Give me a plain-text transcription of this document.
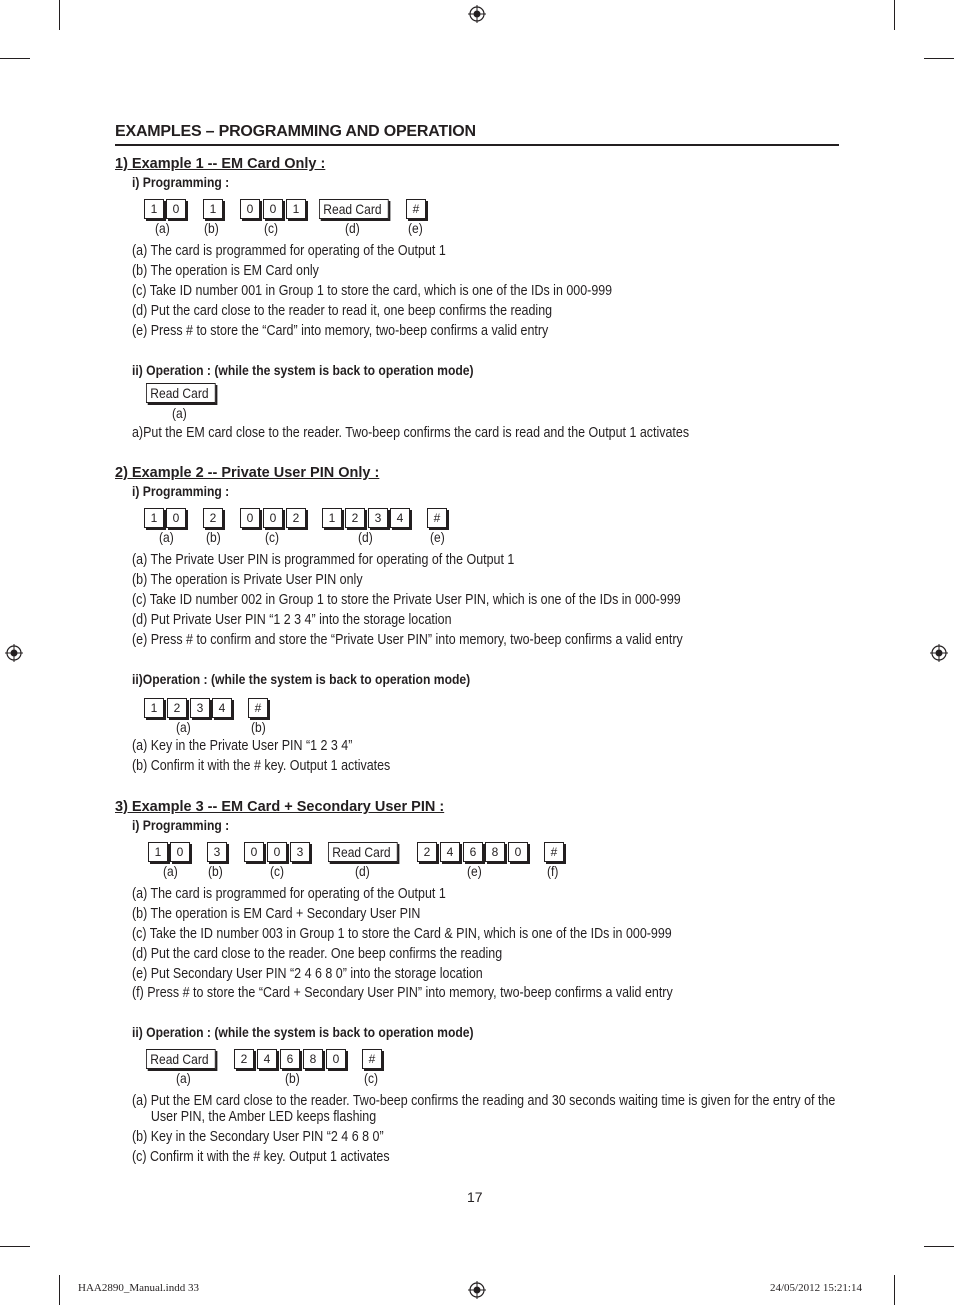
EXAMPLES – PROGRAMMING AND OPERATION
1) Example 1 -- EM Card Only :
i) Programming :
1	0	1	0	0	1	Read Card	#
(a) (b)	(c)	(d)	(e)
(a) The card is programmed for operating of the Output 1
(b) The operation is EM Card only
(c) Take ID number 001 in Group 1 to store the card, which is one of the IDs in 000-999
(d) Put the card close to the reader to read it, one beep confirms the reading
(e) Press # to store the “Card” into memory, two-beep confirms a valid entry
ii) Operation : (while the system is back to operation mode)
Read Card
(a)
a)Put the EM card close to the reader. Two-beep confirms the card is read and the Output 1 activates
2) Example 2 -- Private User PIN Only :
i) Programming :
1	0	2	0	0	2	1	2	3	4	#
(a) (b)	(c)	(d)	(e)
(a) The Private User PIN is programmed for operating of the Output 1
(b) The operation is Private User PIN only
(c) Take ID number 002 in Group 1 to store the Private User PIN, which is one of the IDs in 000-999
(d) Put Private User PIN “1 2 3 4” into the storage location
(e) Press # to confirm and store the “Private User PIN” into memory, two-beep confirms a valid entry
ii)Operation : (while the system is back to operation mode)
1	2	3	4	#
(a)	(b)
(a) Key in the Private User PIN “1 2 3 4”
(b) Confirm it with the # key. Output 1 activates
3) Example 3 -- EM Card + Secondary User PIN :
i) Programming :
1	0	3	0	0	3	Read Card	2	4	6	8	0	#
(a) (b)	(c)	(d)	(e)	(f)
(a) The card is programmed for operating of the Output 1
(b) The operation is EM Card + Secondary User PIN
(c) Take the ID number 003 in Group 1 to store the Card & PIN, which is one of the IDs in 000-999
(d) Put the card close to the reader. One beep confirms the reading
(e) Put Secondary User PIN “2 4 6 8 0” into the storage location
(f) Press # to store the “Card + Secondary User PIN” into memory, two-beep confirms a valid entry
ii) Operation : (while the system is back to operation mode)
Read Card	2	4	6	8	0	#
(a)	(b)	(c)
(a) Put the EM card close to the reader. Two-beep confirms the reading and 30 seconds waiting time is given for the entry of the User PIN, the Amber LED keeps flashing
(b) Key in the Secondary User PIN “2 4 6 8 0”
(c) Confirm it with the # key. Output 1 activates
17
HAA2890_Manual.indd 33	24/05/2012 15:21:14
